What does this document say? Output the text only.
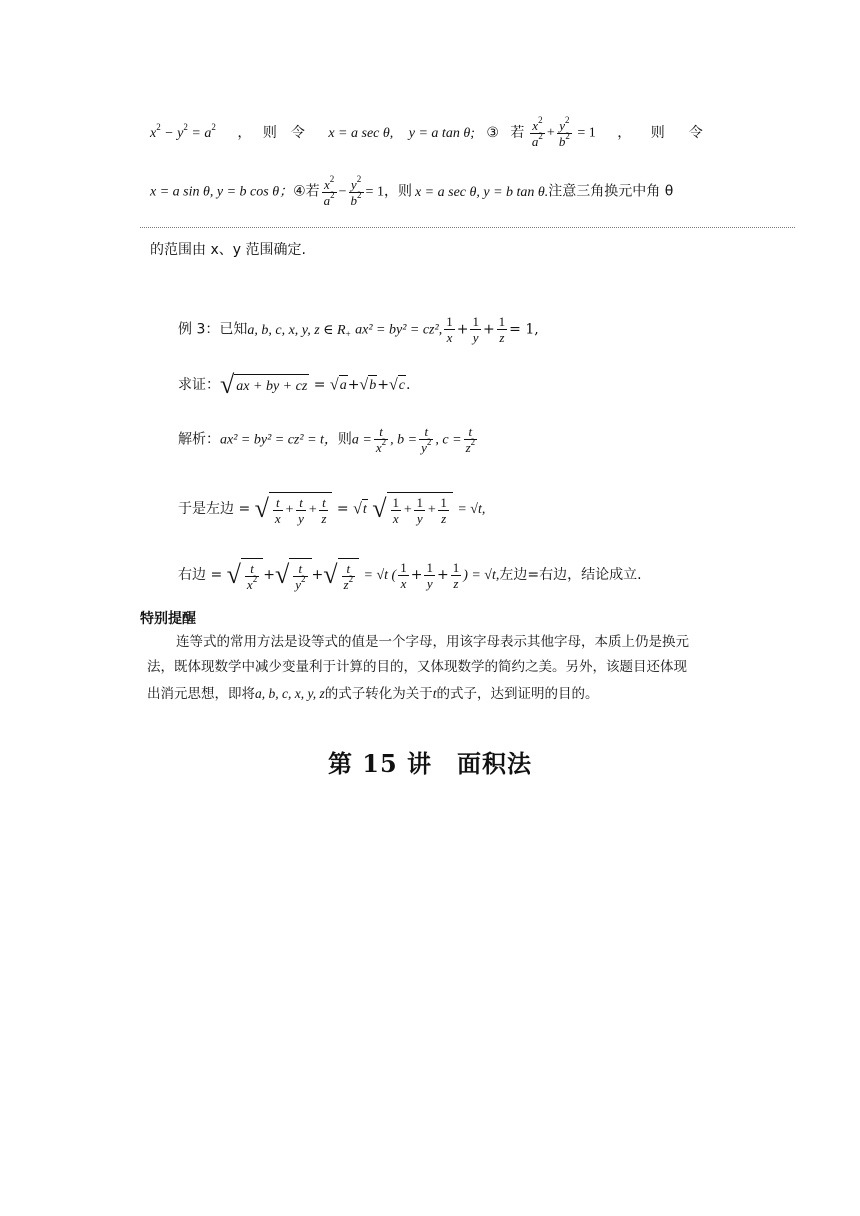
$x^2 - y^2 = a^2$ ， 则令 x = a sec θ, y = a tan θ; ③ 若 $\frac{x^2}{a^2} + \frac{y^2}{b^2} = 1$ ， 则令
x = a sin θ, y = b cos θ；④若 $\frac{x^2}{a^2} - \frac{y^2}{b^2} = 1$，则 x = a sec θ, y = b tan θ.注意三角换元中角 θ
的范围由 x、y 范围确定.
例 3：已知a, b, c, x, y, z ∈ $R_+$ ax² = by² = cz², $\frac{1}{x} + \frac{1}{y} + \frac{1}{z} = 1$,
求证：√ ax + by + cz = √a+√b+√c.
解析：ax² = by² = cz² = t，则$a = \frac{t}{x^2}$ , $b = \frac{t}{y^2}$ , $c = \frac{t}{z^2}$
于是左边 = √ $\frac{t}{x} + \frac{t}{y} + \frac{t}{z} = √t$ √ $\frac{1}{x} + \frac{1}{y} + \frac{1}{z} = √t$,
右边 = √ $\frac{t}{x^2}$ +√ $\frac{t}{y^2}$ +√ $\frac{t}{z^2} = √t$ ( $\frac{1}{x} + \frac{1}{y} + \frac{1}{z}$ ) = √t,左边=右边，结论成立.
特别提醒
连等式的常用方法是设等式的值是一个字母，用该字母表示其他字母，本质上仍是换元
法，既体现数学中减少变量利于计算的目的，又体现数学的简约之美。另外，该题目还体现
出消元思想，即将a, b, c, x, y, z的式子转化为关于t的式子，达到证明的目的。
第 15 讲　面积法
